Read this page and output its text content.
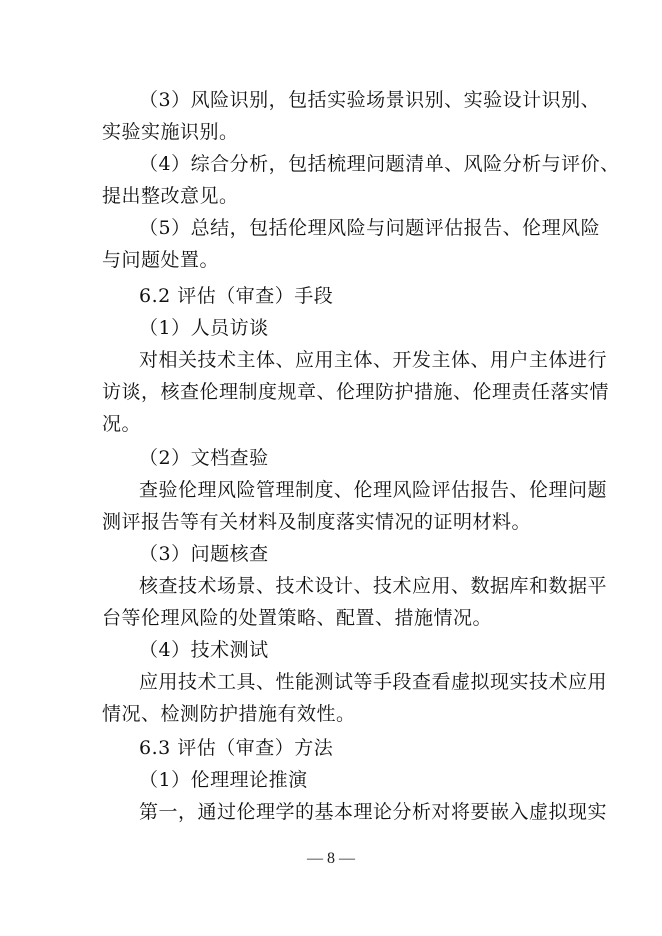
（3）风险识别，包括实验场景识别、实验设计识别、
实验实施识别。
（4）综合分析，包括梳理问题清单、风险分析与评价、
提出整改意见。
（5）总结，包括伦理风险与问题评估报告、伦理风险
与问题处置。
6.2 评估（审查）手段
（1）人员访谈
对相关技术主体、应用主体、开发主体、用户主体进行
访谈，核查伦理制度规章、伦理防护措施、伦理责任落实情
况。
（2）文档查验
查验伦理风险管理制度、伦理风险评估报告、伦理问题
测评报告等有关材料及制度落实情况的证明材料。
（3）问题核查
核查技术场景、技术设计、技术应用、数据库和数据平
台等伦理风险的处置策略、配置、措施情况。
（4）技术测试
应用技术工具、性能测试等手段查看虚拟现实技术应用
情况、检测防护措施有效性。
6.3 评估（审查）方法
（1）伦理理论推演
第一，通过伦理学的基本理论分析对将要嵌入虚拟现实
— 8 —
